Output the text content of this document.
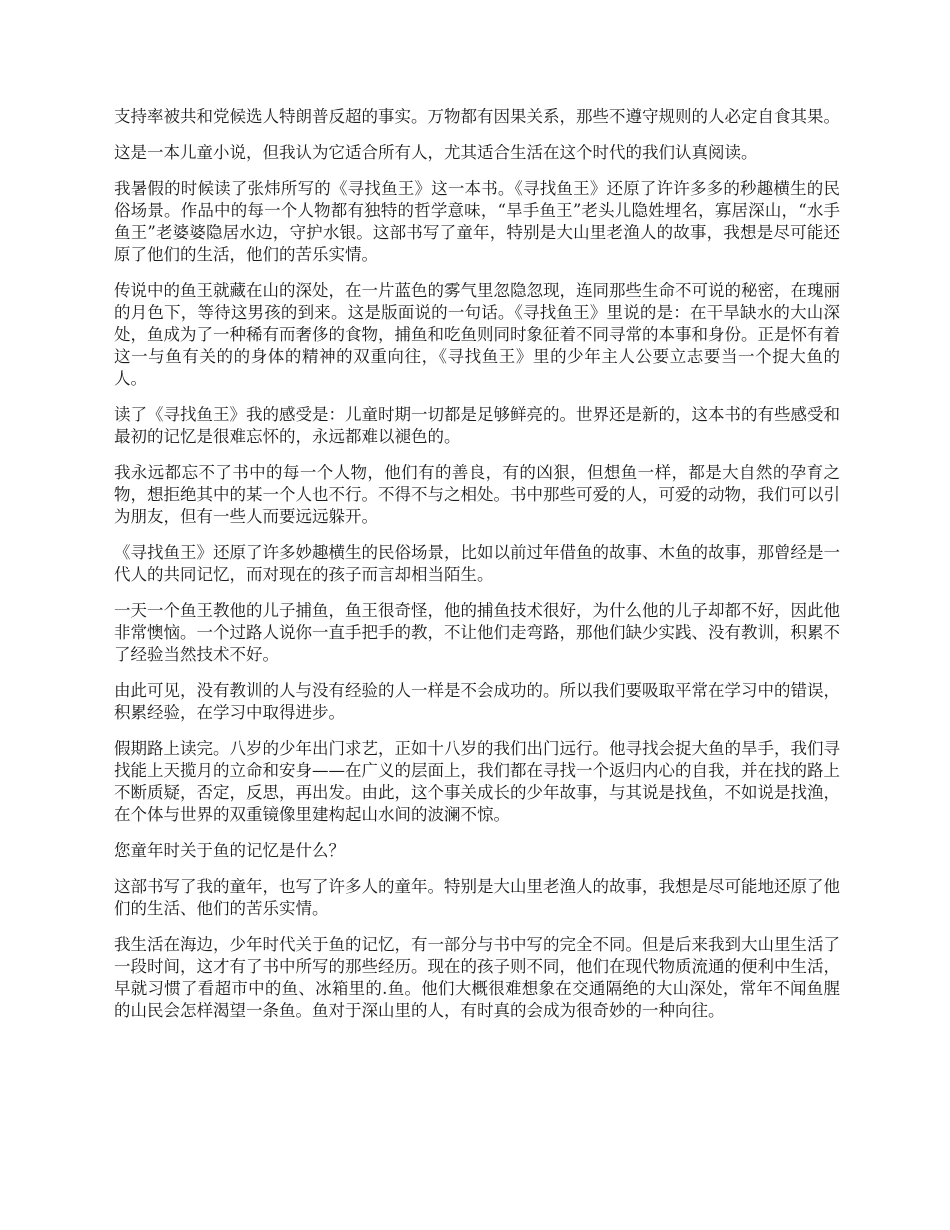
支持率被共和党候选人特朗普反超的事实。万物都有因果关系，那些不遵守规则的人必定自食其果。

这是一本儿童小说，但我认为它适合所有人，尤其适合生活在这个时代的我们认真阅读。

我暑假的时候读了张炜所写的《寻找鱼王》这一本书。《寻找鱼王》还原了许许多多的秒趣横生的民俗场景。作品中的每一个人物都有独特的哲学意味，“旱手鱼王”老头儿隐姓埋名，寡居深山，“水手鱼王”老婆婆隐居水边，守护水银。这部书写了童年，特别是大山里老渔人的故事，我想是尽可能还原了他们的生活，他们的苦乐实情。

传说中的鱼王就藏在山的深处，在一片蓝色的雾气里忽隐忽现，连同那些生命不可说的秘密，在瑰丽的月色下，等待这男孩的到来。这是版面说的一句话。《寻找鱼王》里说的是：在干旱缺水的大山深处，鱼成为了一种稀有而奢侈的食物，捕鱼和吃鱼则同时象征着不同寻常的本事和身份。正是怀有着这一与鱼有关的的身体的精神的双重向往，《寻找鱼王》里的少年主人公要立志要当一个捉大鱼的人。

读了《寻找鱼王》我的感受是：儿童时期一切都是足够鲜亮的。世界还是新的，这本书的有些感受和最初的记忆是很难忘怀的，永远都难以褪色的。

我永远都忘不了书中的每一个人物，他们有的善良，有的凶狠，但想鱼一样，都是大自然的孕育之物，想拒绝其中的某一个人也不行。不得不与之相处。书中那些可爱的人，可爱的动物，我们可以引为朋友，但有一些人而要远远躲开。

《寻找鱼王》还原了许多妙趣横生的民俗场景，比如以前过年借鱼的故事、木鱼的故事，那曾经是一代人的共同记忆，而对现在的孩子而言却相当陌生。

一天一个鱼王教他的儿子捕鱼，鱼王很奇怪，他的捕鱼技术很好，为什么他的儿子却都不好，因此他非常懊恼。一个过路人说你一直手把手的教，不让他们走弯路，那他们缺少实践、没有教训，积累不了经验当然技术不好。

由此可见，没有教训的人与没有经验的人一样是不会成功的。所以我们要吸取平常在学习中的错误，积累经验，在学习中取得进步。

假期路上读完。八岁的少年出门求艺，正如十八岁的我们出门远行。他寻找会捉大鱼的旱手，我们寻找能上天揽月的立命和安身——在广义的层面上，我们都在寻找一个返归内心的自我，并在找的路上不断质疑，否定，反思，再出发。由此，这个事关成长的少年故事，与其说是找鱼，不如说是找渔，在个体与世界的双重镜像里建构起山水间的波澜不惊。

您童年时关于鱼的记忆是什么？

这部书写了我的童年，也写了许多人的童年。特别是大山里老渔人的故事，我想是尽可能地还原了他们的生活、他们的苦乐实情。

我生活在海边，少年时代关于鱼的记忆，有一部分与书中写的完全不同。但是后来我到大山里生活了一段时间，这才有了书中所写的那些经历。现在的孩子则不同，他们在现代物质流通的便利中生活，早就习惯了看超市中的鱼、冰箱里的.鱼。他们大概很难想象在交通隔绝的大山深处，常年不闻鱼腥的山民会怎样渴望一条鱼。鱼对于深山里的人，有时真的会成为很奇妙的一种向往。
